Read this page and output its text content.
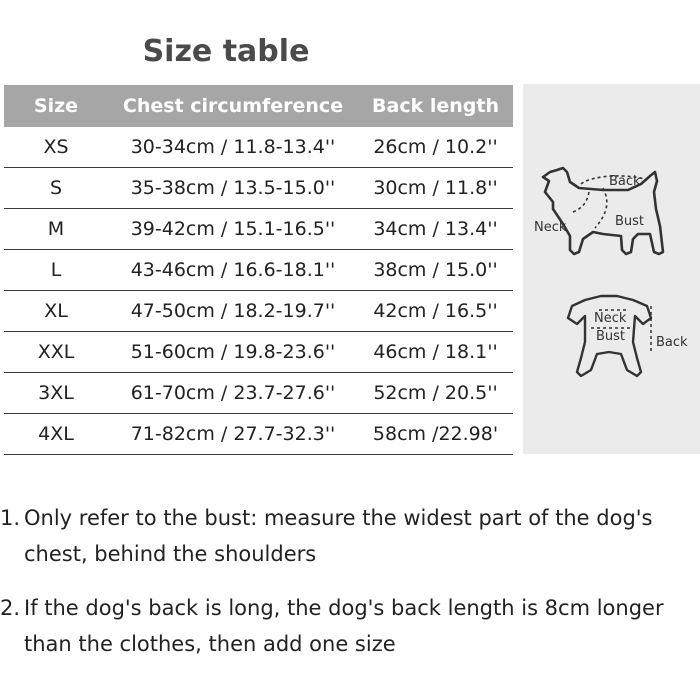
Size table
Size	Chest circumference	Back length
XS	30-34cm / 11.8-13.4''	26cm / 10.2''
S	35-38cm / 13.5-15.0''	30cm / 11.8''
M	39-42cm / 15.1-16.5''	34cm / 13.4''
L	43-46cm / 16.6-18.1''	38cm / 15.0''
XL	47-50cm / 18.2-19.7''	42cm / 16.5''
XXL	51-60cm / 19.8-23.6''	46cm / 18.1''
3XL	61-70cm / 23.7-27.6''	52cm / 20.5''
4XL	71-82cm / 27.7-32.3''	58cm /22.98'
Back
Neck	Bust
Neck
Bust Back
1. Only refer to the bust: measure the widest part of the dog's
chest, behind the shoulders
2. If the dog's back is long, the dog's back length is 8cm longer
than the clothes, then add one size
